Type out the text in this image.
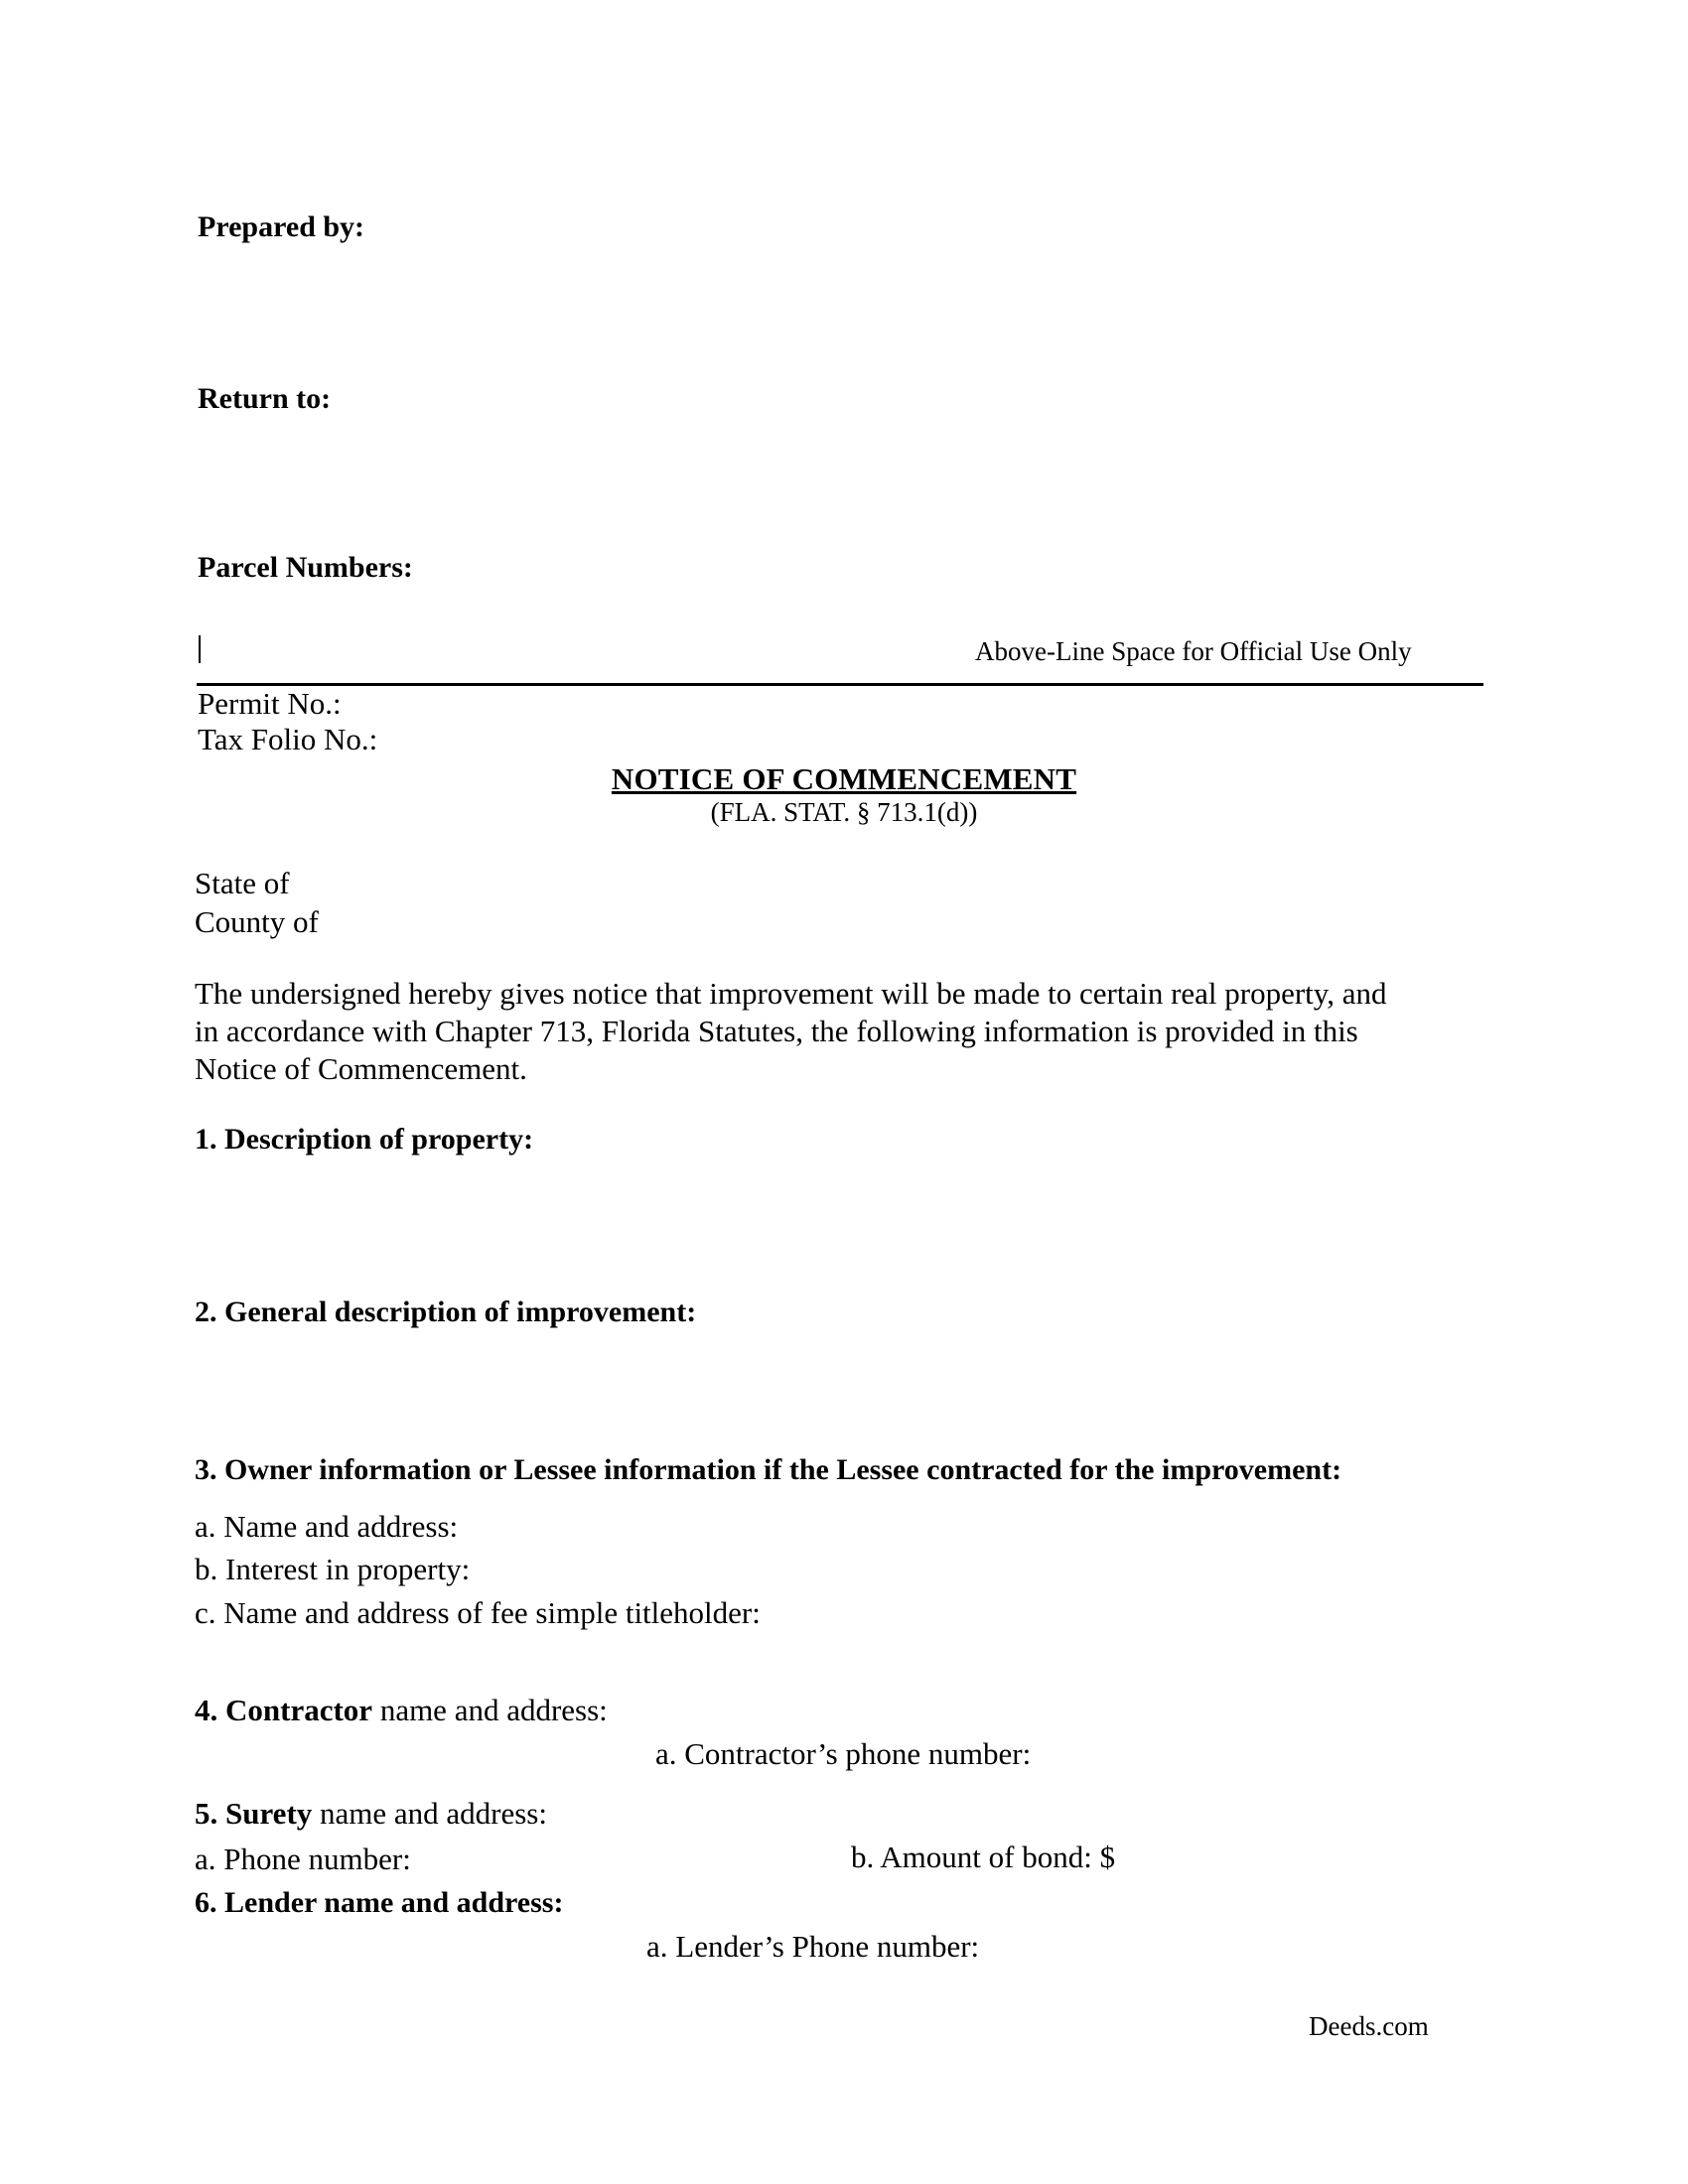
Prepared by:
Return to:
Parcel Numbers:
Above-Line Space for Official Use Only
Permit No.:
Tax Folio No.:
NOTICE OF COMMENCEMENT
(FLA. STAT. § 713.1(d))
State of
County of
The undersigned hereby gives notice that improvement will be made to certain real property, and
in accordance with Chapter 713, Florida Statutes, the following information is provided in this
Notice of Commencement.
1. Description of property:
2. General description of improvement:
3. Owner information or Lessee information if the Lessee contracted for the improvement:
a. Name and address:
b. Interest in property:
c. Name and address of fee simple titleholder:
4. Contractor name and address:
a. Contractor’s phone number:
5. Surety name and address:
a. Phone number:	b. Amount of bond: $
6. Lender name and address:
a. Lender’s Phone number:
Deeds.com
